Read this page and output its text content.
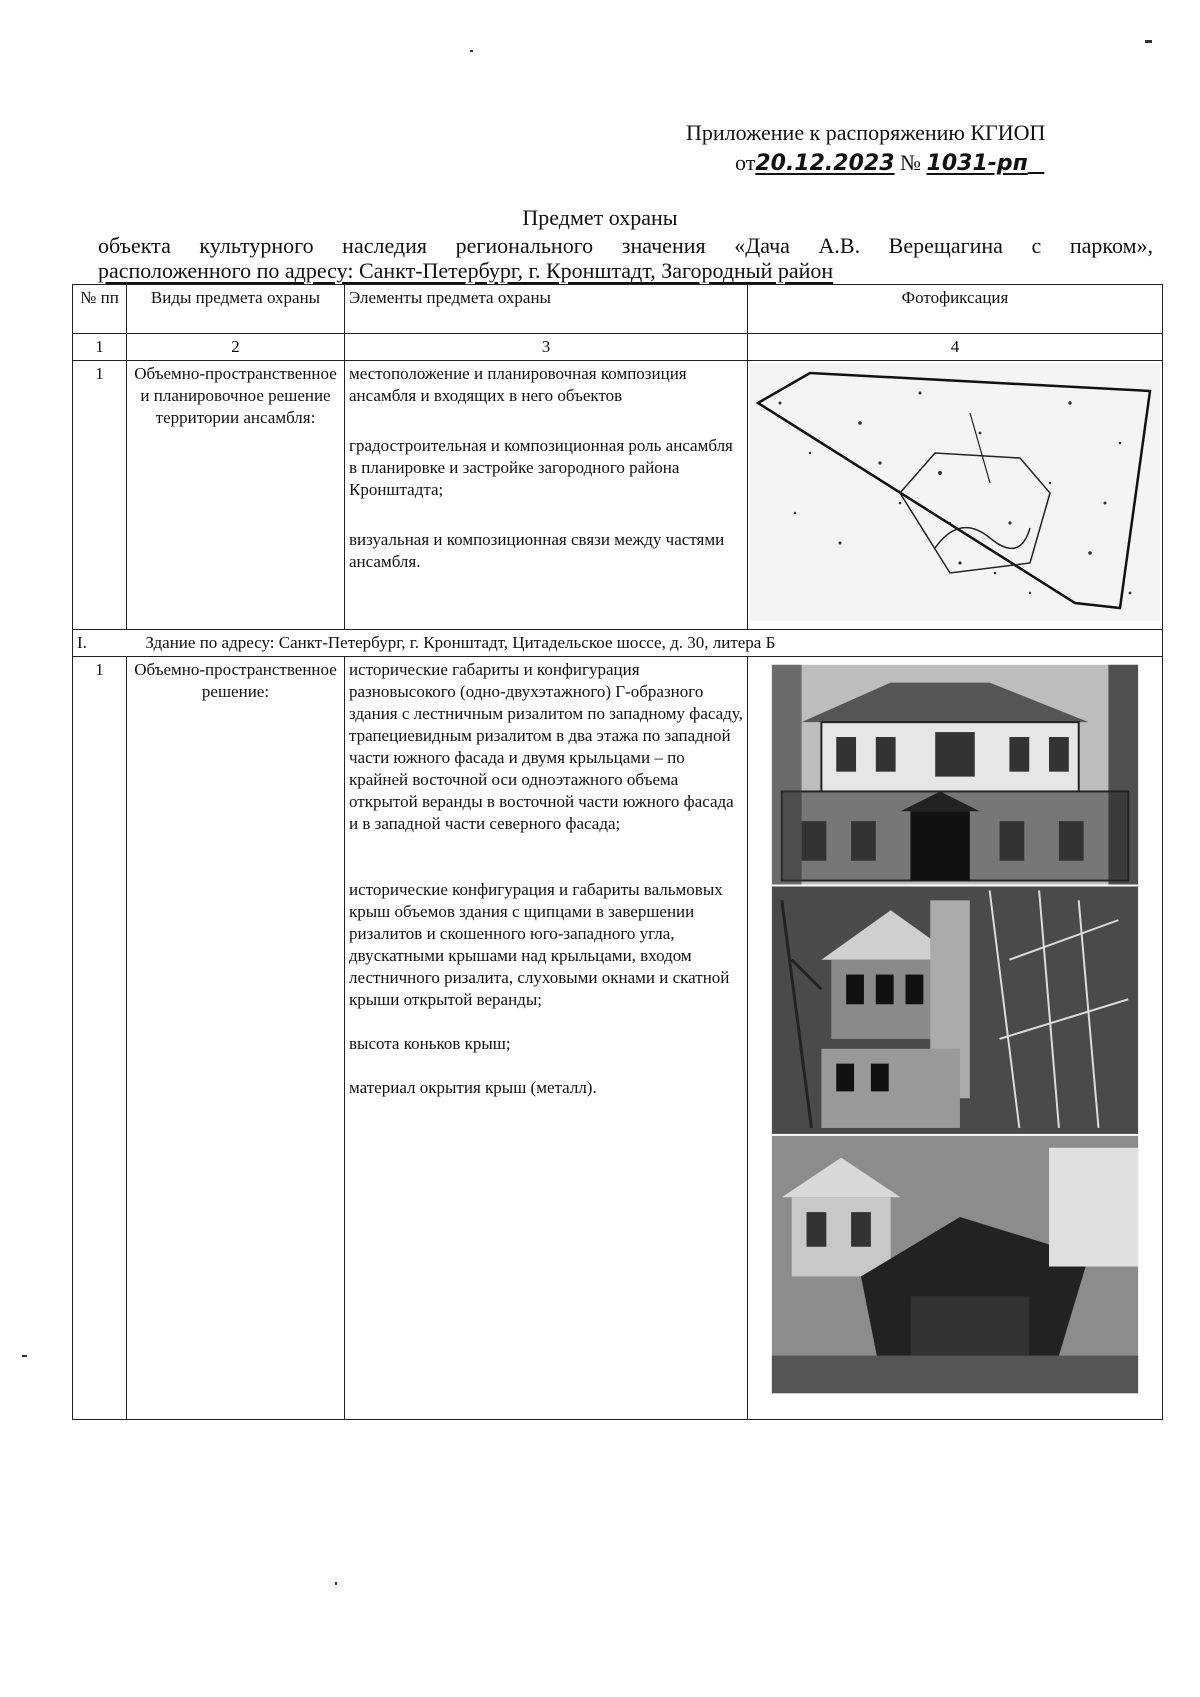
Приложение к распоряжению КГИОП
от20.12.2023 № 1031-рп
Предмет охраны
объекта культурного наследия регионального значения «Дача А.В. Верещагина с парком»,
расположенного по адресу: Санкт-Петербург, г. Кронштадт, Загородный район
№ пп	Виды предмета охраны	Элементы предмета охраны	Фотофиксация
1	2	3	4
1	Объемно-пространственное и планировочное решение территории ансамбля:	местоположение и планировочная композиция ансамбля и входящих в него объектов

градостроительная и композиционная роль ансамбля в планировке и застройке загородного района Кронштадта;

визуальная и композиционная связи между частями ансамбля.

I. Здание по адресу: Санкт-Петербург, г. Кронштадт, Цитадельское шоссе, д. 30, литера Б			
1	Объемно-пространственное решение:	исторические габариты и конфигурация разновысокого (одно-двухэтажного) Г-образного здания с лестничным ризалитом по западному фасаду, трапециевидным ризалитом в два этажа по западной части южного фасада и двумя крыльцами – по крайней восточной оси одноэтажного объема открытой веранды в восточной части южного фасада и в западной части северного фасада;

исторические конфигурация и габариты вальмовых крыш объемов здания с щипцами в завершении ризалитов и скошенного юго-западного угла, двускатными крышами над крыльцами, входом лестничного ризалита, слуховыми окнами и скатной крыши открытой веранды;

высота коньков крыш;

материал окрытия крыш (металл).
